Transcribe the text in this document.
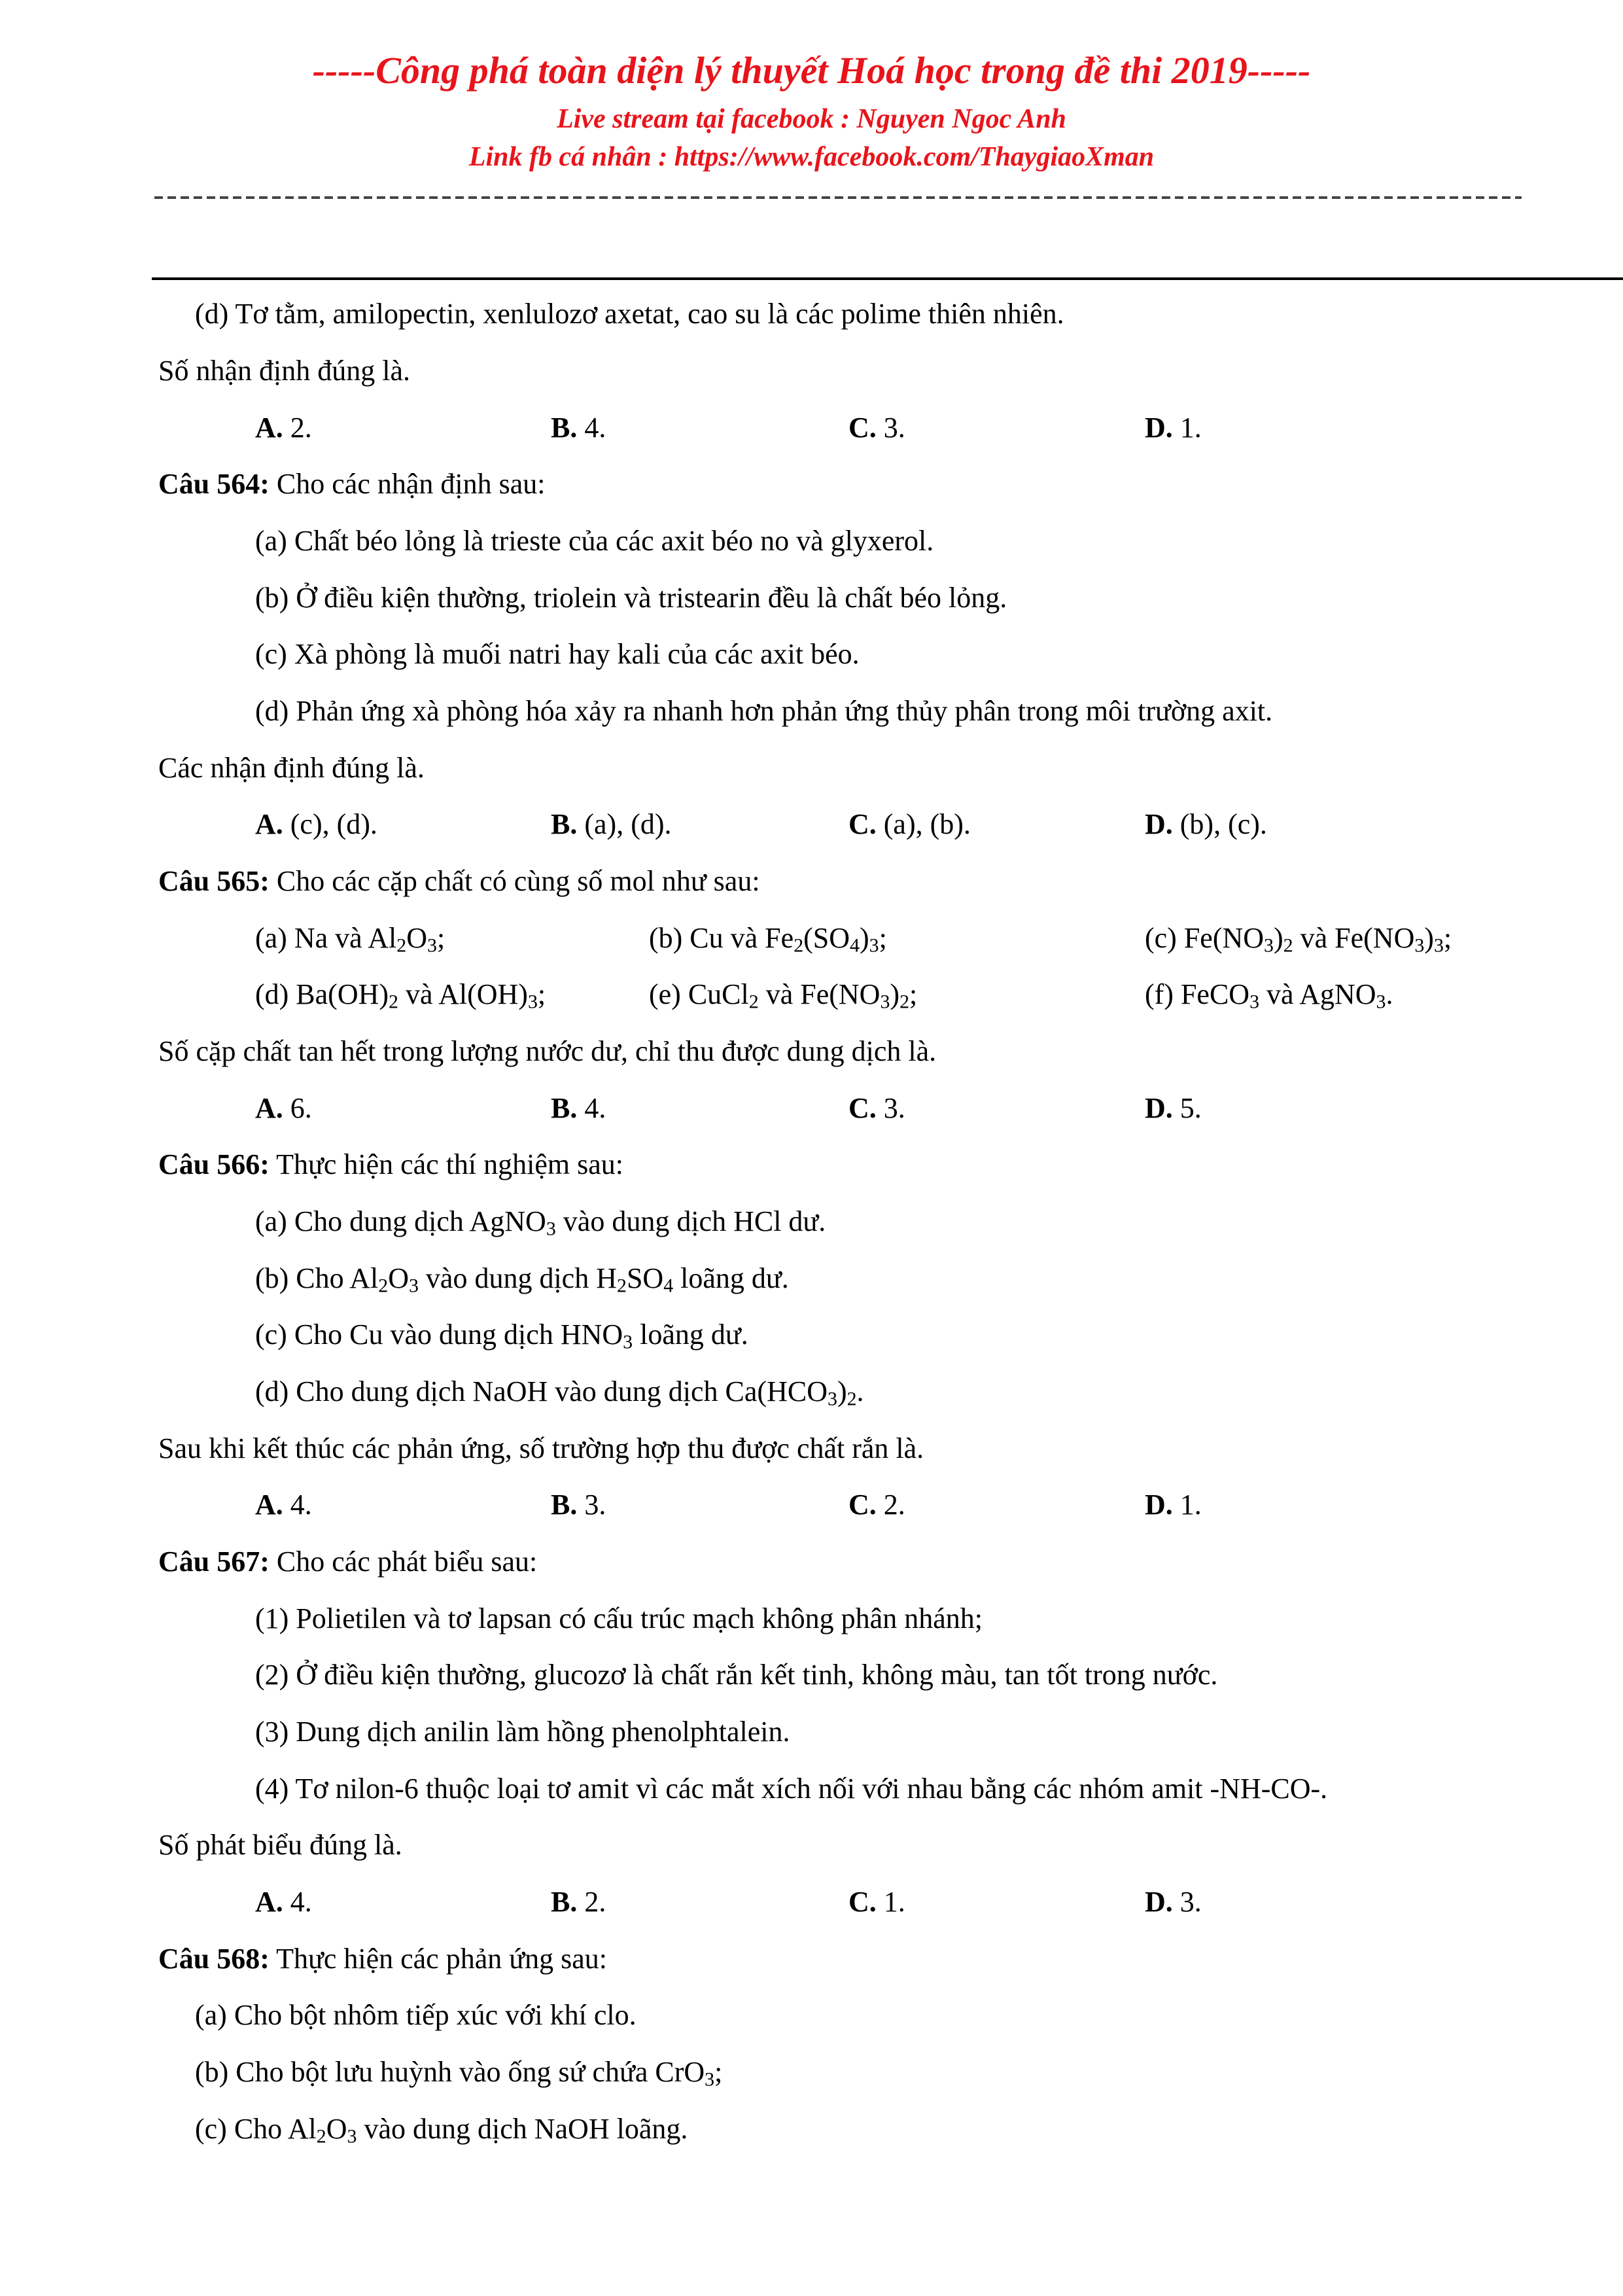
-----Công phá toàn diện lý thuyết Hoá học trong đề thi 2019-----
Live stream tại facebook : Nguyen Ngoc Anh
Link fb cá nhân : https://www.facebook.com/ThaygiaoXman
(d) Tơ tằm, amilopectin, xenlulozơ axetat, cao su là các polime thiên nhiên.
Số nhận định đúng là.
A. 2.	B. 4.	C. 3.	D. 1.
Câu 564: Cho các nhận định sau:
(a) Chất béo lỏng là trieste của các axit béo no và glyxerol.
(b) Ở điều kiện thường, triolein và tristearin đều là chất béo lỏng.
(c) Xà phòng là muối natri hay kali của các axit béo.
(d) Phản ứng xà phòng hóa xảy ra nhanh hơn phản ứng thủy phân trong môi trường axit.
Các nhận định đúng là.
A. (c), (d).	B. (a), (d).	C. (a), (b).	D. (b), (c).
Câu 565: Cho các cặp chất có cùng số mol như sau:
(a) Na và $Al_2O_3$;	(b) Cu và $Fe_2(SO_4)_3$;	(c) $Fe(NO_3)_2$ và $Fe(NO_3)_3$;
(d) $Ba(OH)_2$ và $Al(OH)_3$;	(e) CuCl$_2$ và $Fe(NO_3)_2$;	(f) FeCO$_3$ và AgNO$_3$.
Số cặp chất tan hết trong lượng nước dư, chỉ thu được dung dịch là.
A. 6.	B. 4.	C. 3.	D. 5.
Câu 566: Thực hiện các thí nghiệm sau:
(a) Cho dung dịch AgNO$_3$ vào dung dịch HCl dư.
(b) Cho $Al_2O_3$ vào dung dịch $H_2SO_4$ loãng dư.
(c) Cho Cu vào dung dịch $HNO_3$ loãng dư.
(d) Cho dung dịch NaOH vào dung dịch $Ca(HCO_3)_2$.
Sau khi kết thúc các phản ứng, số trường hợp thu được chất rắn là.
A. 4.	B. 3.	C. 2.	D. 1.
Câu 567: Cho các phát biểu sau:
(1) Polietilen và tơ lapsan có cấu trúc mạch không phân nhánh;
(2) Ở điều kiện thường, glucozơ là chất rắn kết tinh, không màu, tan tốt trong nước.
(3) Dung dịch anilin làm hồng phenolphtalein.
(4) Tơ nilon-6 thuộc loại tơ amit vì các mắt xích nối với nhau bằng các nhóm amit -NH-CO-.
Số phát biểu đúng là.
A. 4.	B. 2.	C. 1.	D. 3.
Câu 568: Thực hiện các phản ứng sau:
(a) Cho bột nhôm tiếp xúc với khí clo.
(b) Cho bột lưu huỳnh vào ống sứ chứa CrO$_3$;
(c) Cho $Al_2O_3$ vào dung dịch NaOH loãng.
